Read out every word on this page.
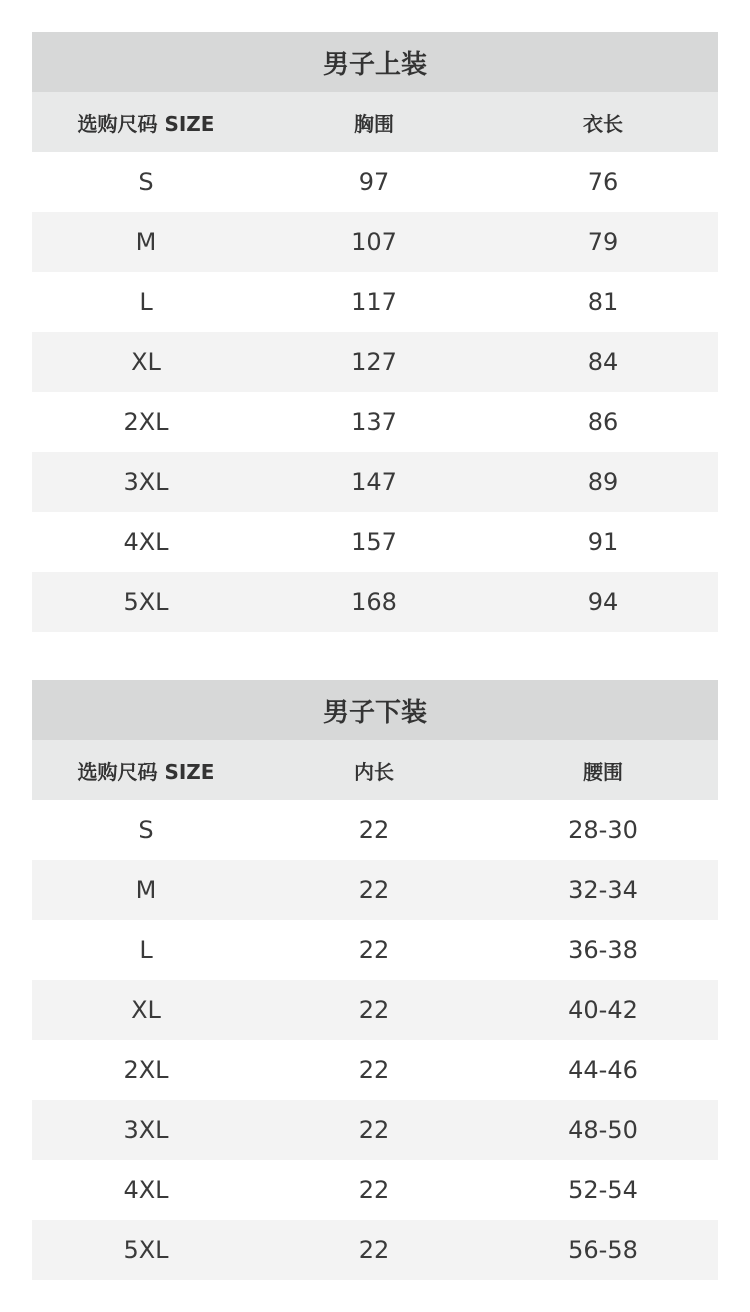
男子上装
选购尺码 SIZE	胸围	衣长
S	97	76
M	107	79
L	117	81
XL	127	84
2XL	137	86
3XL	147	89
4XL	157	91
5XL	168	94
男子下装
选购尺码 SIZE	内长	腰围
S	22	28-30
M	22	32-34
L	22	36-38
XL	22	40-42
2XL	22	44-46
3XL	22	48-50
4XL	22	52-54
5XL	22	56-58
